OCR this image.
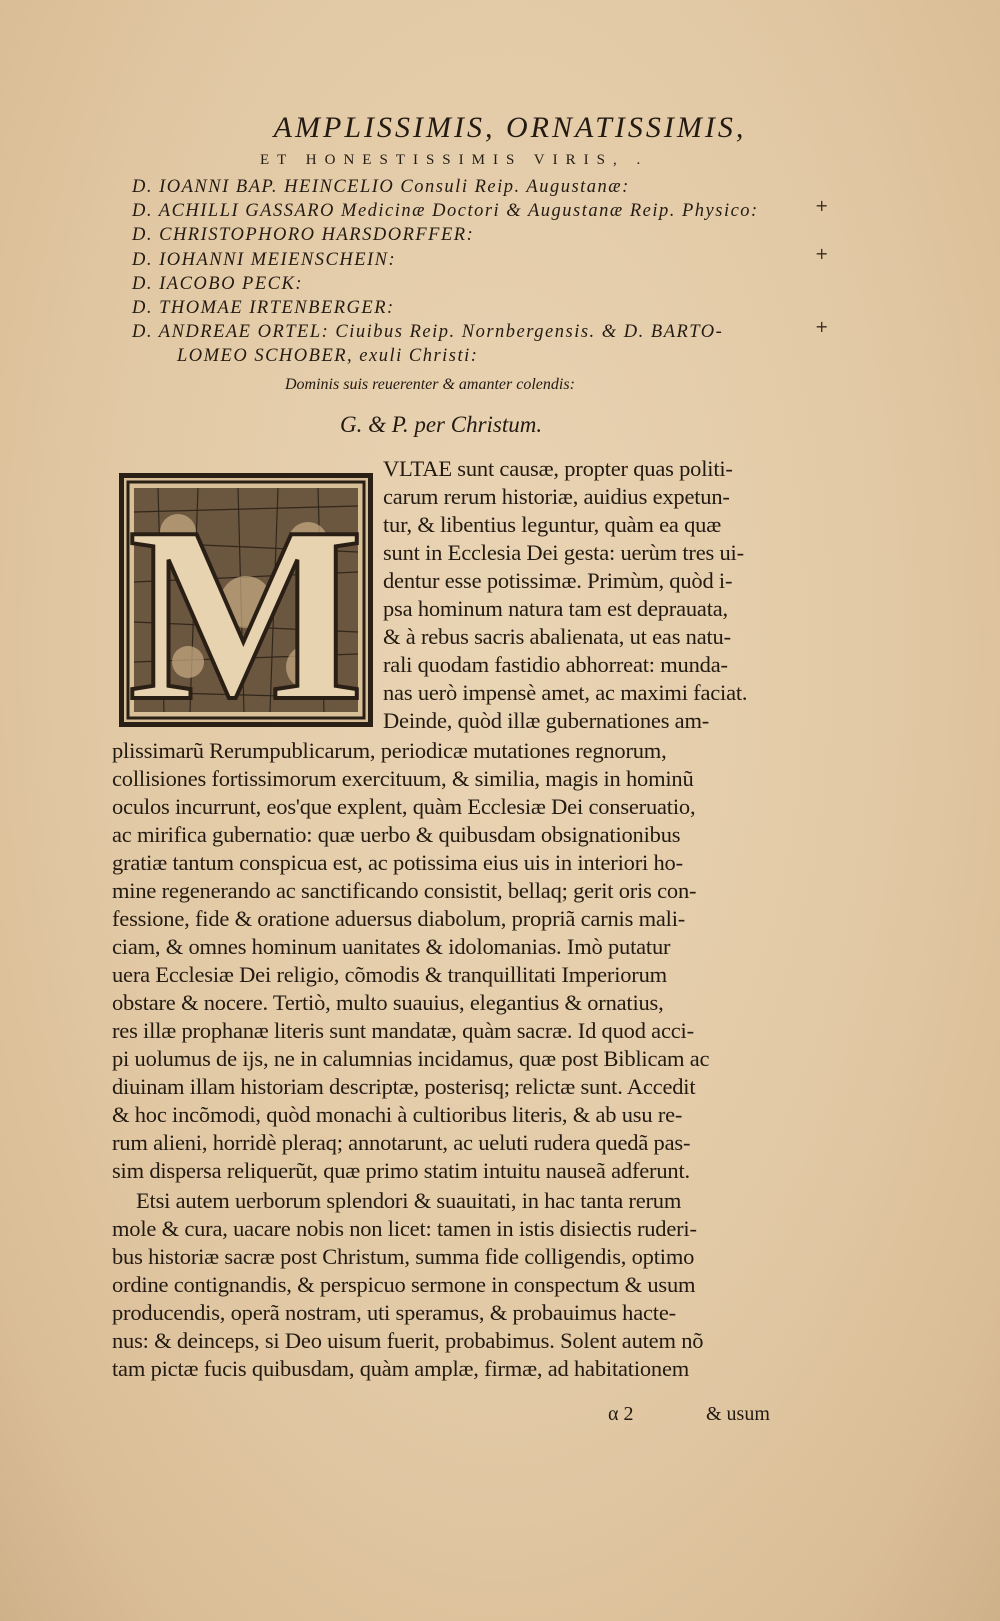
AMPLISSIMIS, ORNATISSIMIS,
ET HONESTISSIMIS VIRIS, .
D. IOANNI BAP. HEINCELIO Consuli Reip. Augustanæ:
D. ACHILLI GASSARO Medicinæ Doctori & Augustanæ Reip. Physico:
D. CHRISTOPHORO HARSDORFFER:
D. IOHANNI MEIENSCHEIN:
D. IACOBO PECK:
D. THOMAE IRTENBERGER:
D. ANDREAE ORTEL: Ciuibus Reip. Nornbergensis. & D. BARTO-
LOMEO SCHOBER, exuli Christi:
+
+
+
Dominis suis reuerenter & amanter colendis:
G. & P. per Christum.
M
VLTAE sunt causæ, propter quas politi-
carum rerum historiæ, auidius expetun-
tur, & libentius leguntur, quàm ea quæ
sunt in Ecclesia Dei gesta: uerùm tres ui-
dentur esse potissimæ. Primùm, quòd i-
psa hominum natura tam est deprauata,
& à rebus sacris abalienata, ut eas natu-
rali quodam fastidio abhorreat: munda-
nas uerò impensè amet, ac maximi faciat.
Deinde, quòd illæ gubernationes am-
plissimarũ Rerumpublicarum, periodicæ mutationes regnorum,
collisiones fortissimorum exercituum, & similia, magis in hominũ
oculos incurrunt, eos'que explent, quàm Ecclesiæ Dei conseruatio,
ac mirifica gubernatio: quæ uerbo & quibusdam obsignationibus
gratiæ tantum conspicua est, ac potissima eius uis in interiori ho-
mine regenerando ac sanctificando consistit, bellaq; gerit oris con-
fessione, fide & oratione aduersus diabolum, propriã carnis mali-
ciam, & omnes hominum uanitates & idolomanias. Imò putatur
uera Ecclesiæ Dei religio, cõmodis & tranquillitati Imperiorum
obstare & nocere. Tertiò, multo suauius, elegantius & ornatius,
res illæ prophanæ literis sunt mandatæ, quàm sacræ. Id quod acci-
pi uolumus de ijs, ne in calumnias incidamus, quæ post Biblicam ac
diuinam illam historiam descriptæ, posterisq; relictæ sunt. Accedit
& hoc incõmodi, quòd monachi à cultioribus literis, & ab usu re-
rum alieni, horridè pleraq; annotarunt, ac ueluti rudera quedã pas-
sim dispersa reliquerũt, quæ primo statim intuitu nauseã adferunt.
Etsi autem uerborum splendori & suauitati, in hac tanta rerum
mole & cura, uacare nobis non licet: tamen in istis disiectis ruderi-
bus historiæ sacræ post Christum, summa fide colligendis, optimo
ordine contignandis, & perspicuo sermone in conspectum & usum
producendis, operã nostram, uti speramus, & probauimus hacte-
nus: & deinceps, si Deo uisum fuerit, probabimus. Solent autem nõ
tam pictæ fucis quibusdam, quàm amplæ, firmæ, ad habitationem
α 2	& usum
